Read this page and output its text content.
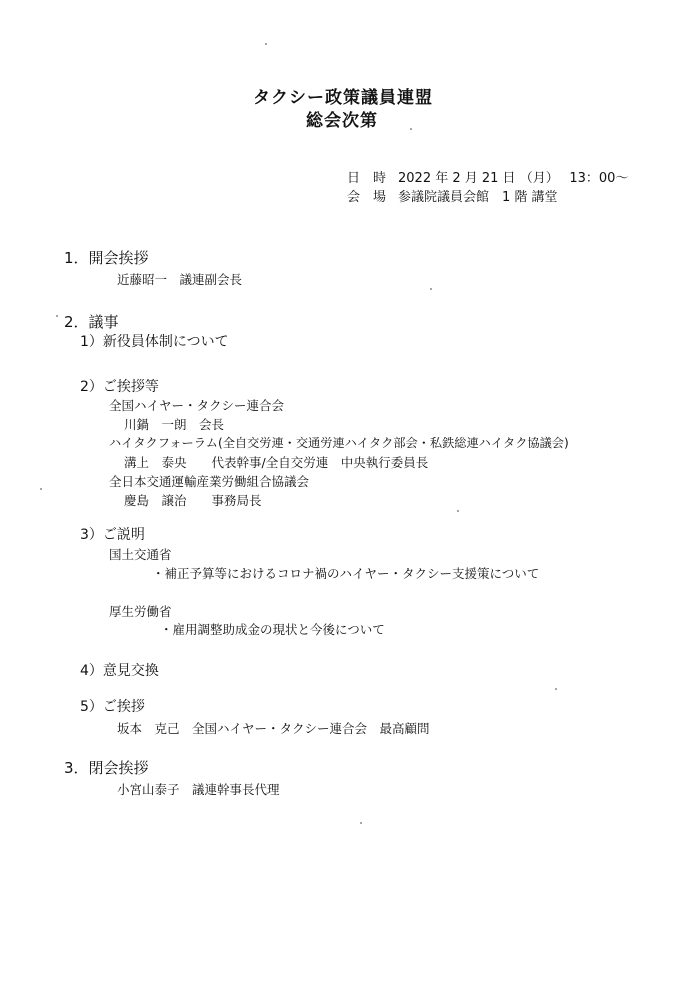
タクシー政策議員連盟
総会次第
日　時 2022 年 2 月 21 日 （月）　 13：00～
会　場 参議院議員会館　1 階 講堂
1．開会挨拶
近藤昭一　議連副会長
2．議事
1）新役員体制について
2）ご挨拶等
全国ハイヤー・タクシー連合会
川鍋　一朗　会長
ハイタクフォーラム(全自交労連・交通労連ハイタク部会・私鉄総連ハイタク協議会)
溝上　泰央　　代表幹事/全自交労連　中央執行委員長
全日本交通運輸産業労働組合協議会
慶島　譲治　　事務局長
3）ご説明
国土交通省
・補正予算等におけるコロナ禍のハイヤー・タクシー支援策について
厚生労働省
・雇用調整助成金の現状と今後について
4）意見交換
5）ご挨拶
坂本　克己　全国ハイヤー・タクシー連合会　最高顧問
3．閉会挨拶
小宮山泰子　議連幹事長代理
